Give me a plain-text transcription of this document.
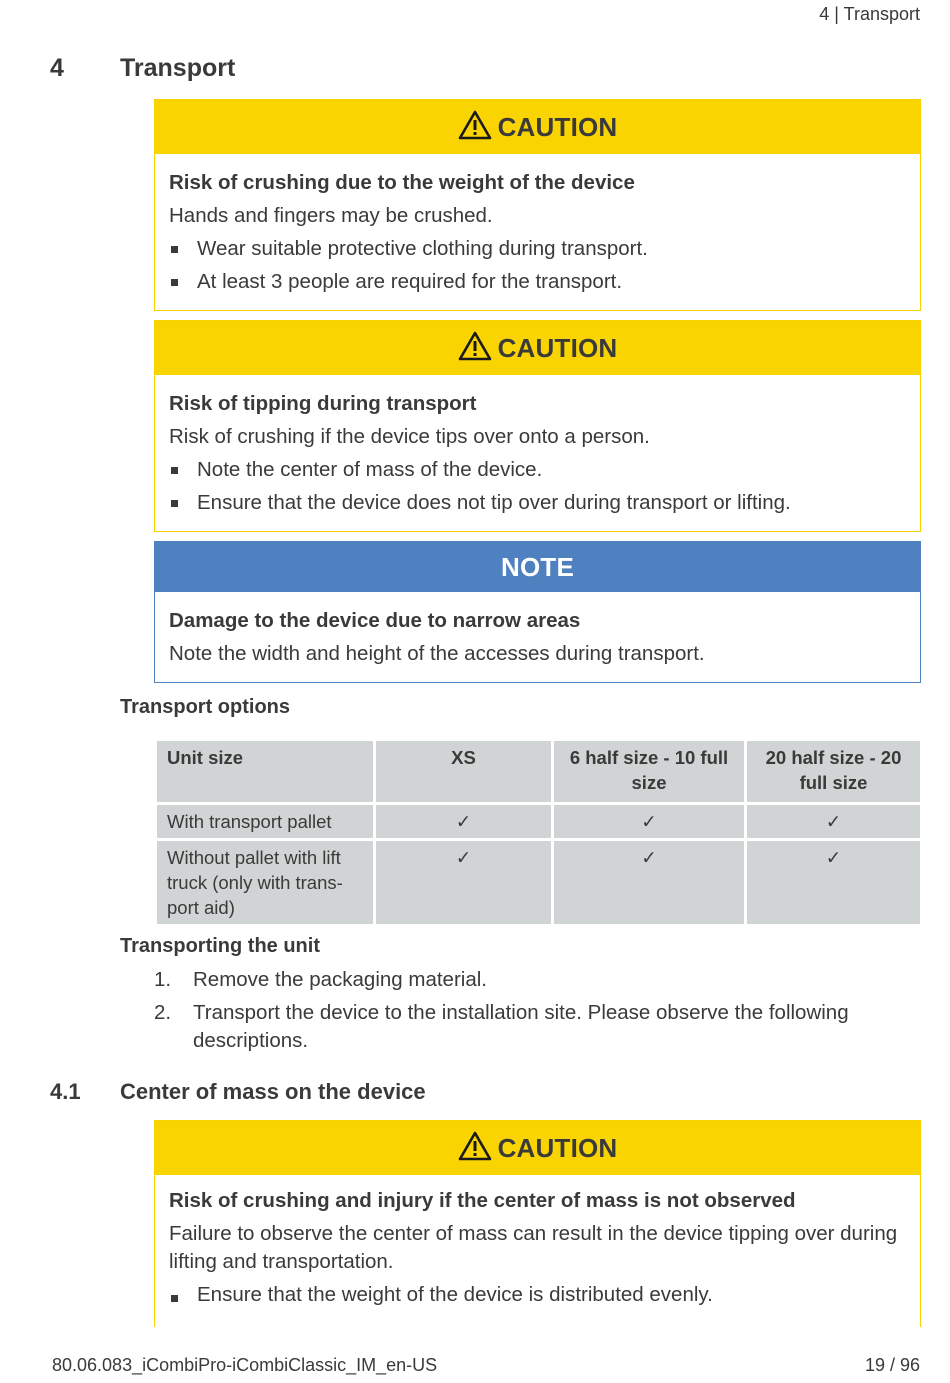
4 | Transport
4 Transport
CAUTION
Risk of crushing due to the weight of the device
Hands and fingers may be crushed.
Wear suitable protective clothing during transport.
At least 3 people are required for the transport.
CAUTION
Risk of tipping during transport
Risk of crushing if the device tips over onto a person.
Note the center of mass of the device.
Ensure that the device does not tip over during transport or lifting.
NOTE
Damage to the device due to narrow areas
Note the width and height of the accesses during transport.
Transport options
Unit size	XS	6 half size - 10 full size	20 half size - 20 full size
With transport pallet	✓	✓	✓
Without pallet with lift truck (only with trans-port aid)	✓	✓	✓
Transporting the unit
1.	Remove the packaging material.
2.	Transport the device to the installation site. Please observe the following descriptions.
4.1 Center of mass on the device
CAUTION
Risk of crushing and injury if the center of mass is not observed
Failure to observe the center of mass can result in the device tipping over during lifting and transportation.
Ensure that the weight of the device is distributed evenly.
80.06.083_iCombiPro-iCombiClassic_IM_en-US	19 / 96
